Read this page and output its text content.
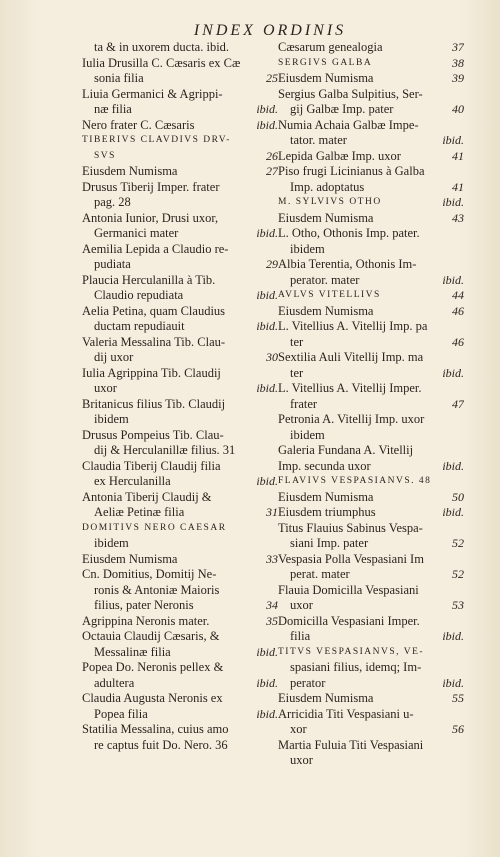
INDEX ORDINIS
ta & in uxorem ducta. ibid.
Iulia Drusilla C. Cæsaris ex Cæ
sonia filia	25
Liuia Germanici & Agrippi-
næ filia	ibid.
Nero frater C. Cæsaris	ibid.
TIBERIVS CLAVDIVS DRV-
SVS	26
Eiusdem Numisma	27
Drusus Tiberij Imper. frater
pag. 28
Antonia Iunior, Drusi uxor,
Germanici mater	ibid.
Aemilia Lepida a Claudio re-
pudiata	29
Plaucia Herculanilla à Tib.
Claudio repudiata	ibid.
Aelia Petina, quam Claudius
ductam repudiauit	ibid.
Valeria Messalina Tib. Clau-
dij uxor	30
Iulia Agrippina Tib. Claudij
uxor	ibid.
Britanicus filius Tib. Claudij
ibidem
Drusus Pompeius Tib. Clau-
dij & Herculanillæ filius. 31
Claudia Tiberij Claudij filia
ex Herculanilla	ibid.
Antonia Tiberij Claudij &
Aeliæ Petinæ filia	31
DOMITIVS NERO CAESAR
ibidem
Eiusdem Numisma	33
Cn. Domitius, Domitij Ne-
ronis & Antoniæ Maioris
filius, pater Neronis	34
Agrippina Neronis mater.	35
Octauia Claudij Cæsaris, &
Messalinæ filia	ibid.
Popea Do. Neronis pellex &
adultera	ibid.
Claudia Augusta Neronis ex
Popea filia	ibid.
Statilia Messalina, cuius amo
re captus fuit Do. Nero. 36
Cæsarum genealogia	37
SERGIVS GALBA	38
Eiusdem Numisma	39
Sergius Galba Sulpitius, Ser-
gij Galbæ Imp. pater	40
Numia Achaia Galbæ Impe-
tator. mater	ibid.
Lepida Galbæ Imp. uxor	41
Piso frugi Licinianus à Galba
Imp. adoptatus	41
M. SYLVIVS OTHO	ibid.
Eiusdem Numisma	43
L. Otho, Othonis Imp. pater.
ibidem
Albia Terentia, Othonis Im-
perator. mater	ibid.
AVLVS VITELLIVS	44
Eiusdem Numisma	46
L. Vitellius A. Vitellij Imp. pa
ter	46
Sextilia Auli Vitellij Imp. ma
ter	ibid.
L. Vitellius A. Vitellij Imper.
frater	47
Petronia A. Vitellij Imp. uxor
ibidem
Galeria Fundana A. Vitellij
Imp. secunda uxor	ibid.
FLAVIVS VESPASIANVS. 48
Eiusdem Numisma	50
Eiusdem triumphus	ibid.
Titus Flauius Sabinus Vespa-
siani Imp. pater	52
Vespasia Polla Vespasiani Im
perat. mater	52
Flauia Domicilla Vespasiani
uxor	53
Domicilla Vespasiani Imper.
filia	ibid.
TITVS VESPASIANVS, VE-
spasiani filius, idemq; Im-
perator	ibid.
Eiusdem Numisma	55
Arricidia Titi Vespasiani u-
xor	56
Martia Fuluia Titi Vespasiani
uxor
